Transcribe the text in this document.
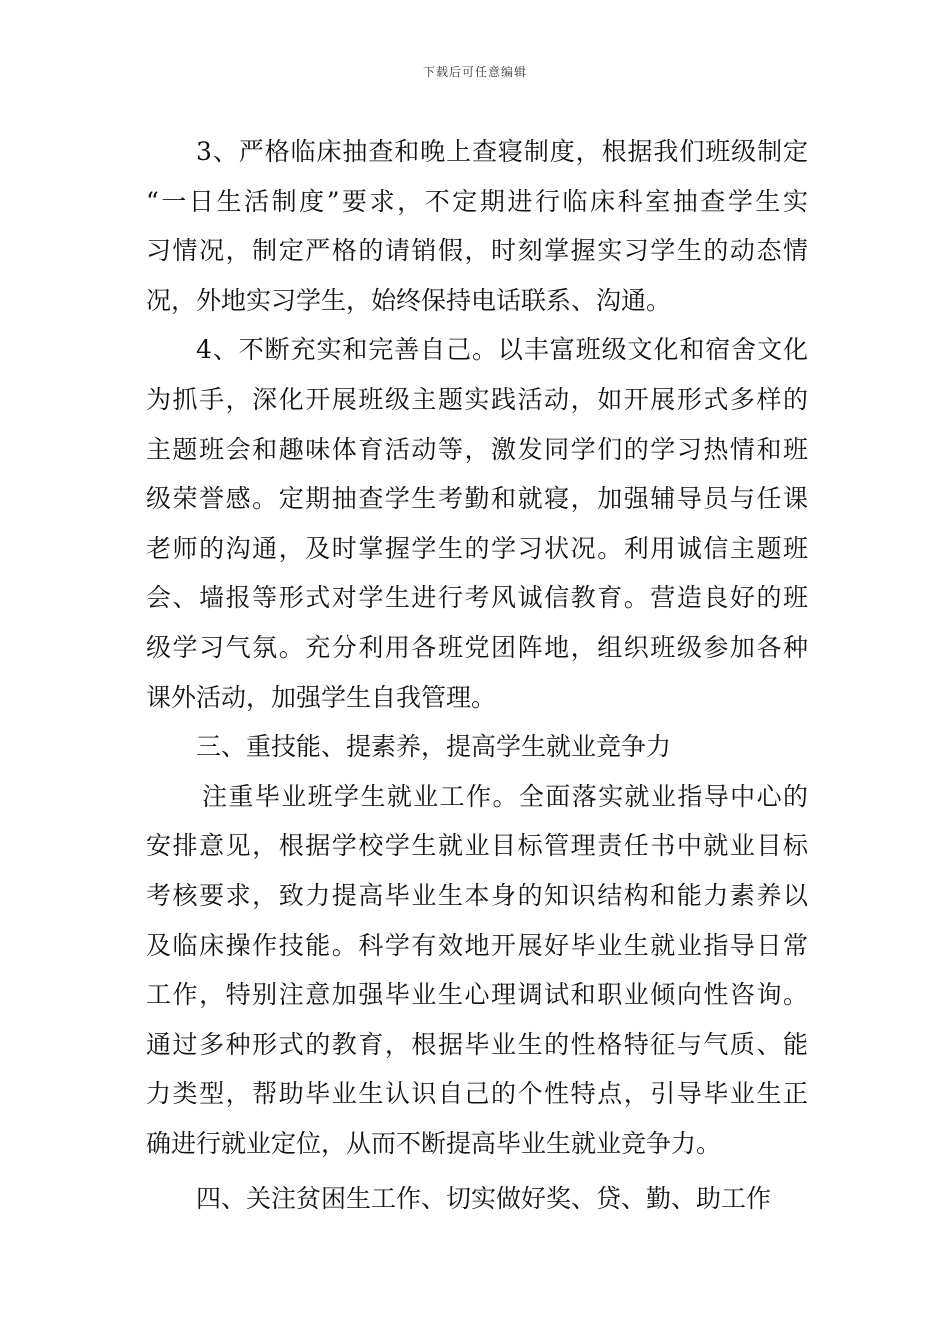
下载后可任意编辑
3、严格临床抽查和晚上查寝制度，根据我们班级制定
“一日生活制度”要求，不定期进行临床科室抽查学生实
习情况，制定严格的请销假，时刻掌握实习学生的动态情
况，外地实习学生，始终保持电话联系、沟通。
4、不断充实和完善自己。以丰富班级文化和宿舍文化
为抓手，深化开展班级主题实践活动，如开展形式多样的
主题班会和趣味体育活动等，激发同学们的学习热情和班
级荣誉感。定期抽查学生考勤和就寝，加强辅导员与任课
老师的沟通，及时掌握学生的学习状况。利用诚信主题班
会、墙报等形式对学生进行考风诚信教育。营造良好的班
级学习气氛。充分利用各班党团阵地，组织班级参加各种
课外活动，加强学生自我管理。
三、重技能、提素养，提高学生就业竞争力
注重毕业班学生就业工作。全面落实就业指导中心的
安排意见，根据学校学生就业目标管理责任书中就业目标
考核要求，致力提高毕业生本身的知识结构和能力素养以
及临床操作技能。科学有效地开展好毕业生就业指导日常
工作，特别注意加强毕业生心理调试和职业倾向性咨询。
通过多种形式的教育，根据毕业生的性格特征与气质、能
力类型，帮助毕业生认识自己的个性特点，引导毕业生正
确进行就业定位，从而不断提高毕业生就业竞争力。
四、关注贫困生工作、切实做好奖、贷、勤、助工作
